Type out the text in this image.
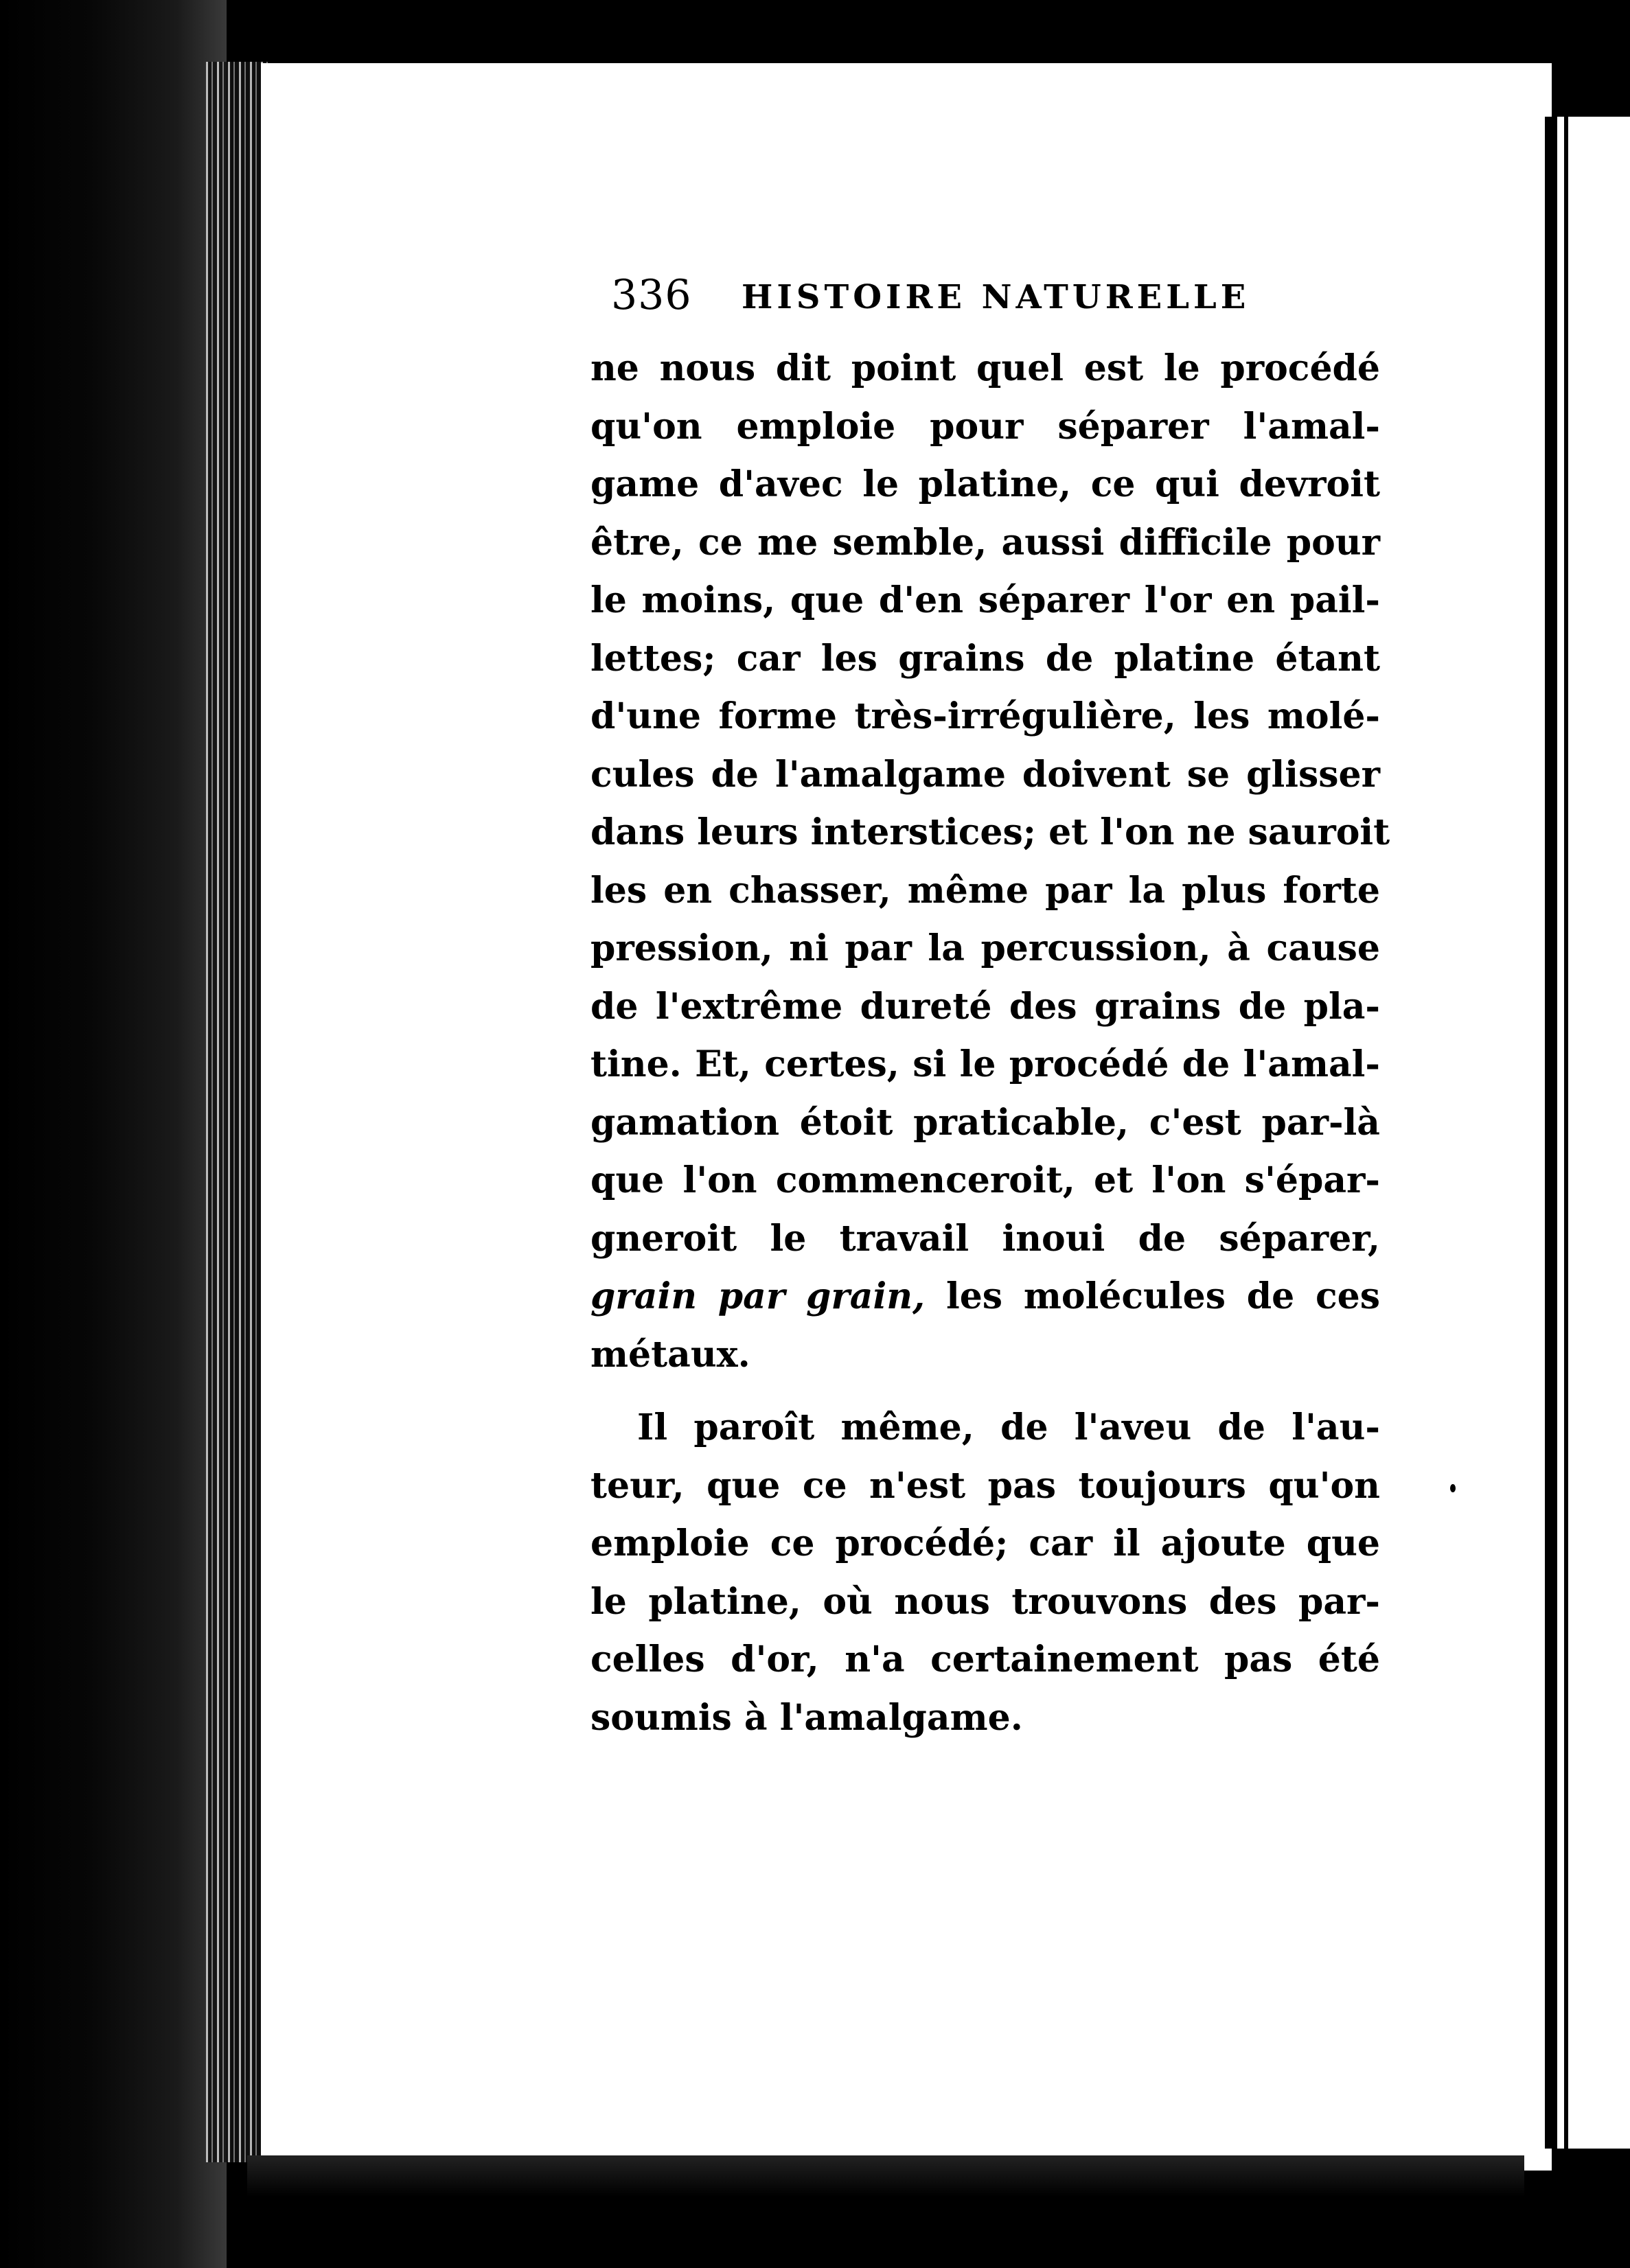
336 HISTOIRE NATURELLE
ne nous dit point quel est le procédé
qu'on emploie pour séparer l'amal-
game d'avec le platine, ce qui devroit
être, ce me semble, aussi difficile pour
le moins, que d'en séparer l'or en pail-
lettes; car les grains de platine étant
d'une forme très-irrégulière, les molé-
cules de l'amalgame doivent se glisser
dans leurs interstices; et l'on ne sauroit
les en chasser, même par la plus forte
pression, ni par la percussion, à cause
de l'extrême dureté des grains de pla-
tine. Et, certes, si le procédé de l'amal-
gamation étoit praticable, c'est par-là
que l'on commenceroit, et l'on s'épar-
gneroit le travail inoui de séparer,
grain par grain, les molécules de ces
métaux.
Il paroît même, de l'aveu de l'au-
teur, que ce n'est pas toujours qu'on
emploie ce procédé; car il ajoute que
le platine, où nous trouvons des par-
celles d'or, n'a certainement pas été
soumis à l'amalgame.
